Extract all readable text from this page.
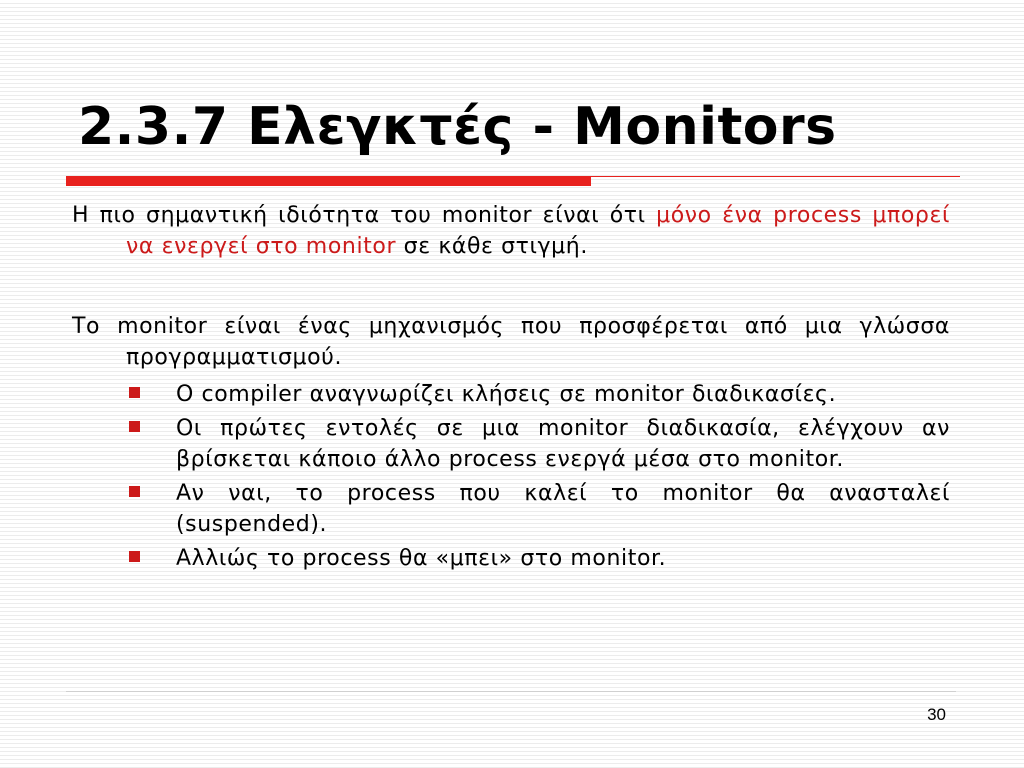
2.3.7 Ελεγκτές - Monitors

Η πιο σημαντική ιδιότητα του monitor είναι ότι μόνο ένα process μπορεί να ενεργεί στο monitor σε κάθε στιγμή.

Το monitor είναι ένας μηχανισμός που προσφέρεται από μια γλώσσα προγραμματισμού.

O compiler αναγνωρίζει κλήσεις σε monitor διαδικασίες.
Οι πρώτες εντολές σε μια monitor διαδικασία, ελέγχουν αν βρίσκεται κάποιο άλλο process ενεργά μέσα στο monitor.
Αν ναι, το process που καλεί το monitor θα ανασταλεί (suspended).
Αλλιώς το process θα «μπει» στο monitor.
30
